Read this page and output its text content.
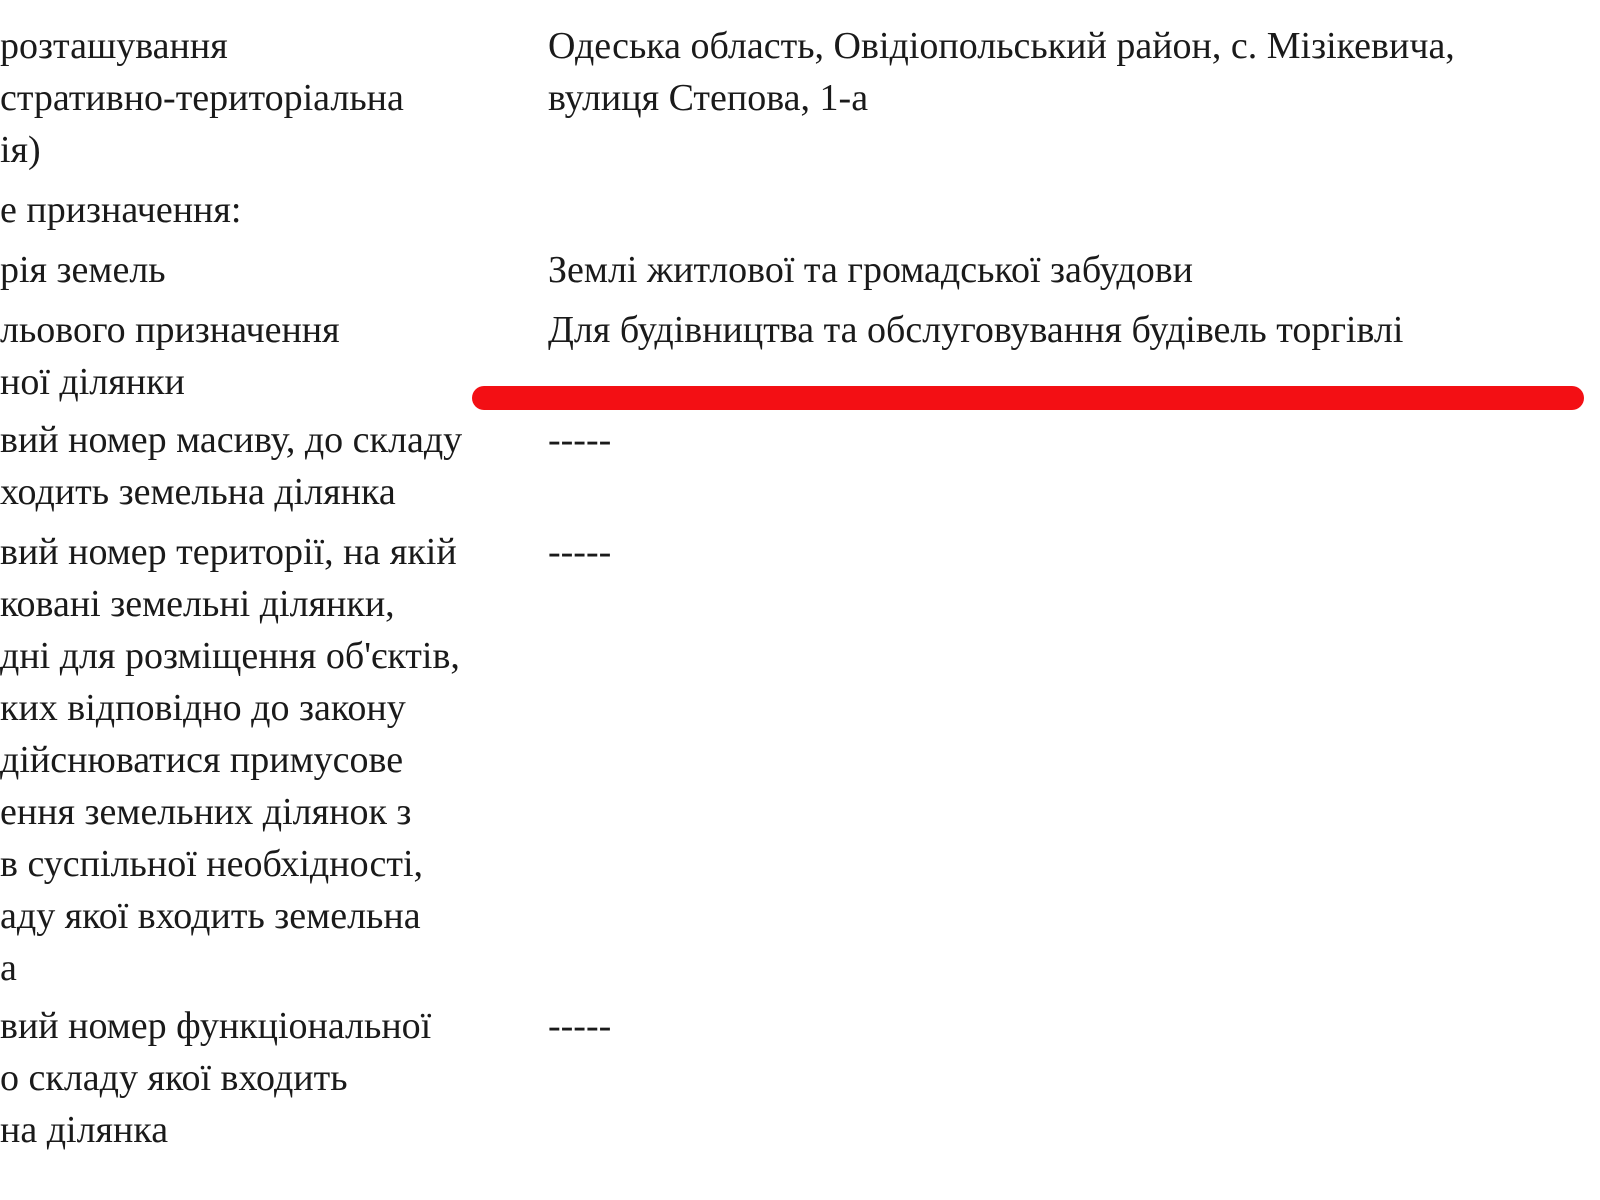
розташування
стративно-територіальна
ія)
Одеська область, Овідіопольський район, с. Мізікевича,
вулиця Степова, 1-а
е призначення:
рія земель	Землі житлової та громадської забудови
льового призначення
ної ділянки
Для будівництва та обслуговування будівель торгівлі
вий номер масиву, до складу
ходить земельна ділянка
-----
вий номер території, на якій
ковані земельні ділянки,
дні для розміщення об'єктів,
ких відповідно до закону
дійснюватися примусове
ення земельних ділянок з
в суспільної необхідності,
аду якої входить земельна
а
-----
вий номер функціональної
о складу якої входить
на ділянка
-----
